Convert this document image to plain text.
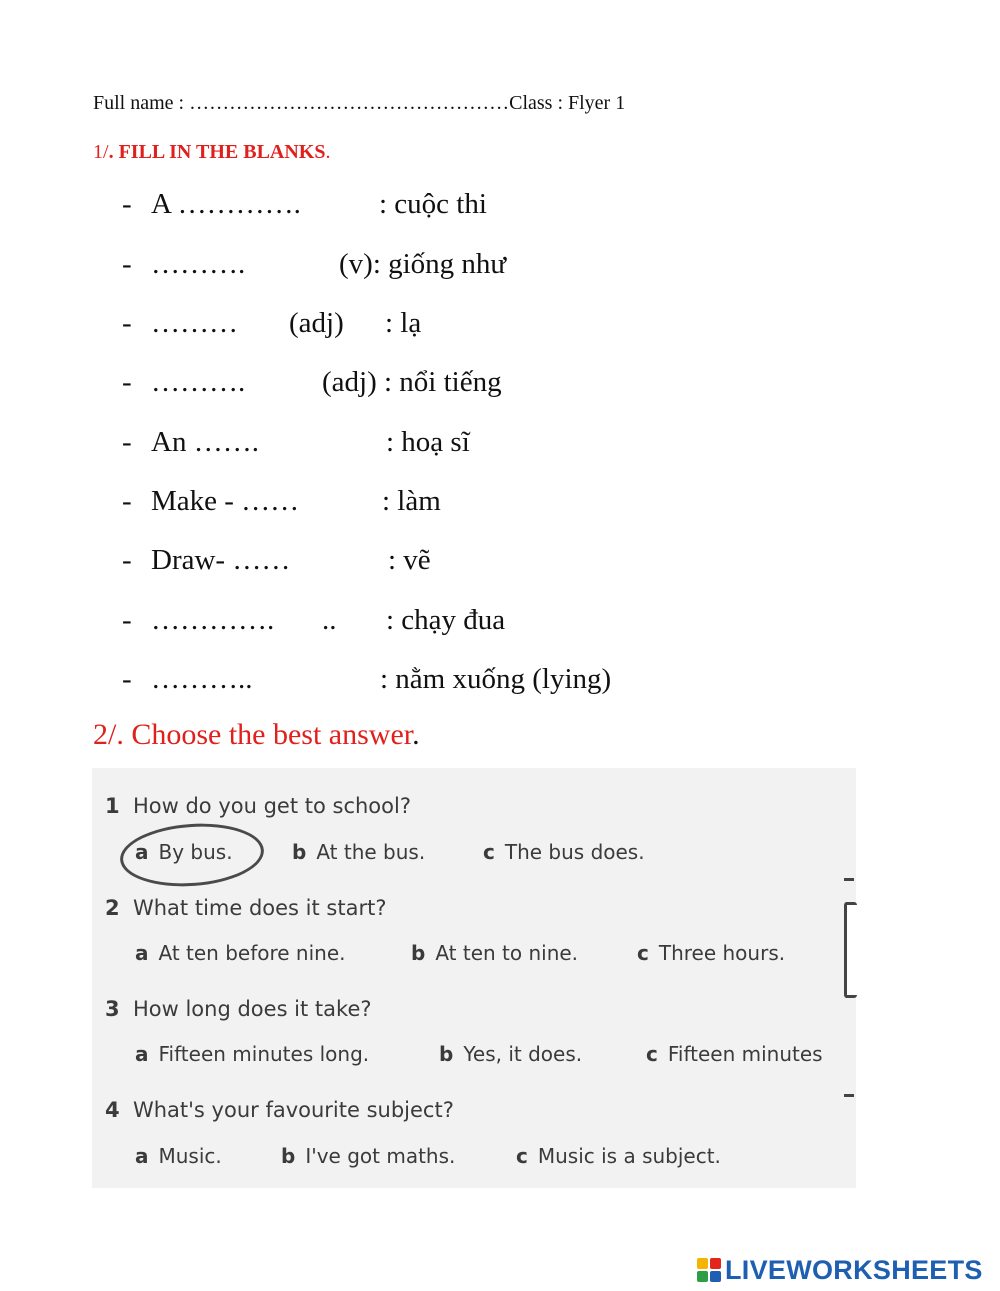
Full name : …………………………………………Class : Flyer 1
1/. FILL IN THE BLANKS.
- A ………….	: cuộc thi
- ……….	(v): giống như
- ……… (adj) : lạ
- ……….	(adj) : nổi tiếng
- An …….	: hoạ sĩ
- Make - ……	: làm
- Draw- ……	: vẽ
- …………. .. : chạy đua
- ………..	: nằm xuống (lying)
2/. Choose the best answer.
1 How do you get to school?
a By bus.	b At the bus.	c The bus does.
2 What time does it start?
a At ten before nine.	b At ten to nine.	c Three hours.
3 How long does it take?
a Fifteen minutes long.	b Yes, it does.	c Fifteen minutes
4 What's your favourite subject?
a Music.	b I've got maths.	c Music is a subject.
LIVEWORKSHEETS
